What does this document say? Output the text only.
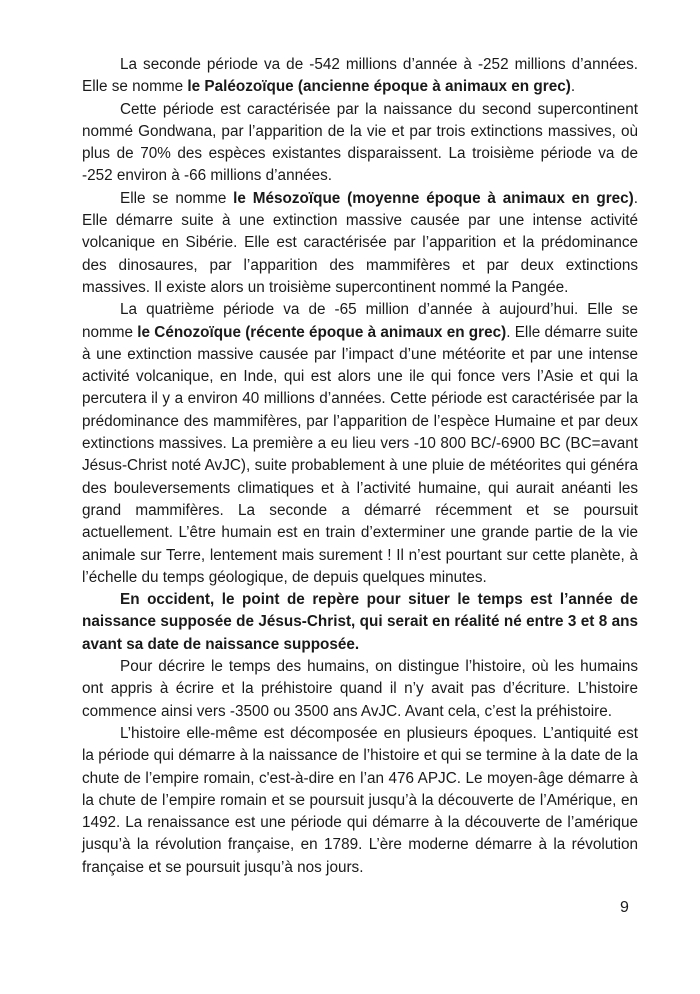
La seconde période va de -542 millions d’année à -252 millions d’années. Elle se nomme le Paléozoïque (ancienne époque à animaux en grec).

Cette période est caractérisée par la naissance du second supercontinent nommé Gondwana, par l’apparition de la vie et par trois extinctions massives, où plus de 70% des espèces existantes disparaissent. La troisième période va de -252 environ à -66 millions d’années.

Elle se nomme le Mésozoïque (moyenne époque à animaux en grec). Elle démarre suite à une extinction massive causée par une intense activité volcanique en Sibérie. Elle est caractérisée par l’apparition et la prédominance des dinosaures, par l’apparition des mammifères et par deux extinctions massives. Il existe alors un troisième supercontinent nommé la Pangée.

La quatrième période va de -65 million d’année à aujourd’hui. Elle se nomme le Cénozoïque (récente époque à animaux en grec). Elle démarre suite à une extinction massive causée par l’impact d’une météorite et par une intense activité volcanique, en Inde, qui est alors une ile qui fonce vers l’Asie et qui la percutera il y a environ 40 millions d’années. Cette période est caractérisée par la prédominance des mammifères, par l’apparition de l’espèce Humaine et par deux extinctions massives. La première a eu lieu vers -10 800 BC/-6900 BC (BC=avant Jésus-Christ noté AvJC), suite probablement à une pluie de météorites qui généra des bouleversements climatiques et à l’activité humaine, qui aurait anéanti les grand mammifères. La seconde a démarré récemment et se poursuit actuellement. L’être humain est en train d’exterminer une grande partie de la vie animale sur Terre, lentement mais surement ! Il n’est pourtant sur cette planète, à l’échelle du temps géologique, de depuis quelques minutes.

En occident, le point de repère pour situer le temps est l’année de naissance supposée de Jésus-Christ, qui serait en réalité né entre 3 et 8 ans avant sa date de naissance supposée.

Pour décrire le temps des humains, on distingue l’histoire, où les humains ont appris à écrire et la préhistoire quand il n’y avait pas d’écriture. L’histoire commence ainsi vers -3500 ou 3500 ans AvJC. Avant cela, c’est la préhistoire.

L’histoire elle-même est décomposée en plusieurs époques. L’antiquité est la période qui démarre à la naissance de l’histoire et qui se termine à la date de la chute de l’empire romain, c'est-à-dire en l’an 476 APJC. Le moyen-âge démarre à la chute de l’empire romain et se poursuit jusqu’à la découverte de l’Amérique, en 1492. La renaissance est une période qui démarre à la découverte de l’amérique jusqu’à la révolution française, en 1789. L’ère moderne démarre à la révolution française et se poursuit jusqu’à nos jours.

9
